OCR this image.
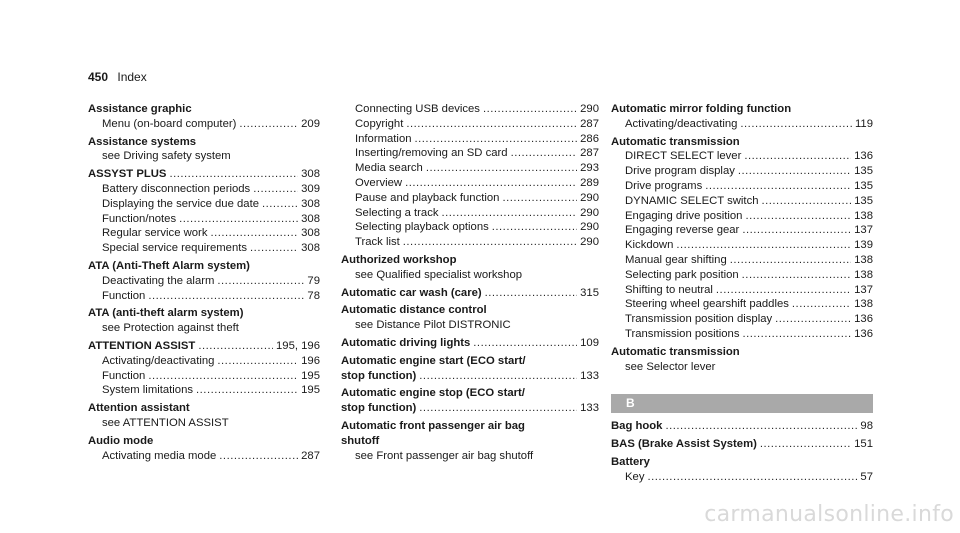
450 Index
Assistance graphic
Menu (on-board computer) .....	209
Assistance systems
see Driving safety system
ASSYST PLUS .....	308
Battery disconnection periods .....	309
Displaying the service due date .....	308
Function/notes .....	308
Regular service work .....	308
Special service requirements .....	308
ATA (Anti-Theft Alarm system)
Deactivating the alarm .....	79
Function .....	78
ATA (anti-theft alarm system)
see Protection against theft
ATTENTION ASSIST .....	195, 196
Activating/deactivating .....	196
Function .....	195
System limitations .....	195
Attention assistant
see ATTENTION ASSIST
Audio mode
Activating media mode .....	287
Connecting USB devices .....	290
Copyright .....	287
Information .....	286
Inserting/removing an SD card .....	287
Media search .....	293
Overview .....	289
Pause and playback function .....	290
Selecting a track .....	290
Selecting playback options .....	290
Track list .....	290
Authorized workshop
see Qualified specialist workshop
Automatic car wash (care) .....	315
Automatic distance control
see Distance Pilot DISTRONIC
Automatic driving lights .....	109
Automatic engine start (ECO start/
stop function) .....	133
Automatic engine stop (ECO start/
stop function) .....	133
Automatic front passenger air bag
shutoff
see Front passenger air bag shutoff
Automatic mirror folding function
Activating/deactivating .....	119
Automatic transmission
DIRECT SELECT lever .....	136
Drive program display .....	135
Drive programs .....	135
DYNAMIC SELECT switch .....	135
Engaging drive position .....	138
Engaging reverse gear .....	137
Kickdown .....	139
Manual gear shifting .....	138
Selecting park position .....	138
Shifting to neutral .....	137
Steering wheel gearshift paddles .....	138
Transmission position display .....	136
Transmission positions .....	136
Automatic transmission
see Selector lever
B
Bag hook .....	98
BAS (Brake Assist System) .....	151
Battery
Key .....	57
carmanualsonline.info
